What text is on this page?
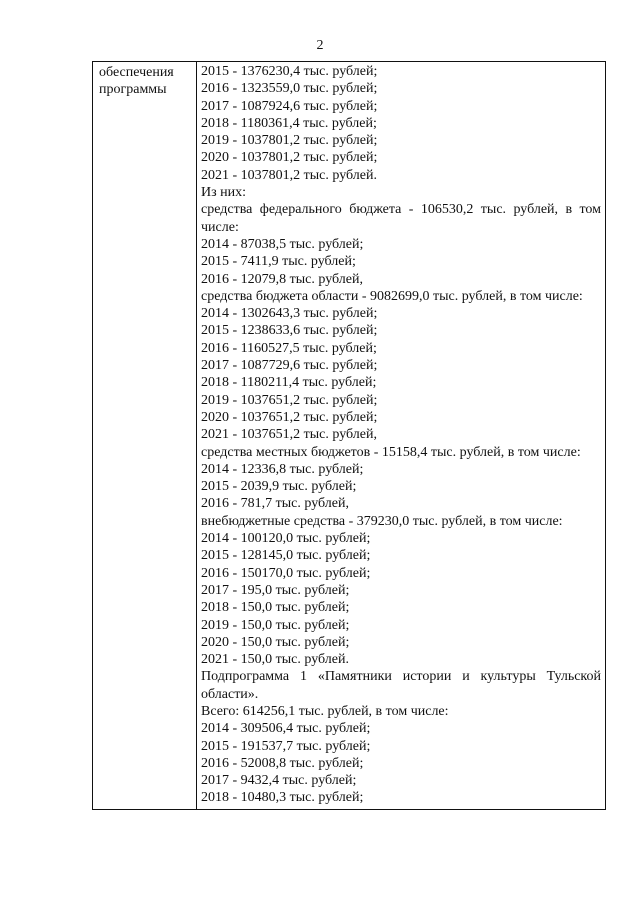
2
обеспечения программы

2015 - 1376230,4 тыс. рублей;
2016 - 1323559,0 тыс. рублей;
2017 - 1087924,6 тыс. рублей;
2018 - 1180361,4 тыс. рублей;
2019 - 1037801,2 тыс. рублей;
2020 - 1037801,2 тыс. рублей;
2021 - 1037801,2 тыс. рублей.
Из них:
средства федерального бюджета - 106530,2 тыс. рублей, в том числе:
2014 - 87038,5 тыс. рублей;
2015 - 7411,9 тыс. рублей;
2016 - 12079,8 тыс. рублей,
средства бюджета области - 9082699,0 тыс. рублей, в том числе:
2014 - 1302643,3 тыс. рублей;
2015 - 1238633,6 тыс. рублей;
2016 - 1160527,5 тыс. рублей;
2017 - 1087729,6 тыс. рублей;
2018 - 1180211,4 тыс. рублей;
2019 - 1037651,2 тыс. рублей;
2020 - 1037651,2 тыс. рублей;
2021 - 1037651,2 тыс. рублей,
средства местных бюджетов - 15158,4 тыс. рублей, в том числе:
2014 - 12336,8 тыс. рублей;
2015 - 2039,9 тыс. рублей;
2016 - 781,7 тыс. рублей,
внебюджетные средства - 379230,0 тыс. рублей, в том числе:
2014 - 100120,0 тыс. рублей;
2015 - 128145,0 тыс. рублей;
2016 - 150170,0 тыс. рублей;
2017 - 195,0 тыс. рублей;
2018 - 150,0 тыс. рублей;
2019 - 150,0 тыс. рублей;
2020 - 150,0 тыс. рублей;
2021 - 150,0 тыс. рублей.
Подпрограмма 1 «Памятники истории и культуры Тульской области».
Всего: 614256,1 тыс. рублей, в том числе:
2014 - 309506,4 тыс. рублей;
2015 - 191537,7 тыс. рублей;
2016 - 52008,8 тыс. рублей;
2017 - 9432,4 тыс. рублей;
2018 - 10480,3 тыс. рублей;
